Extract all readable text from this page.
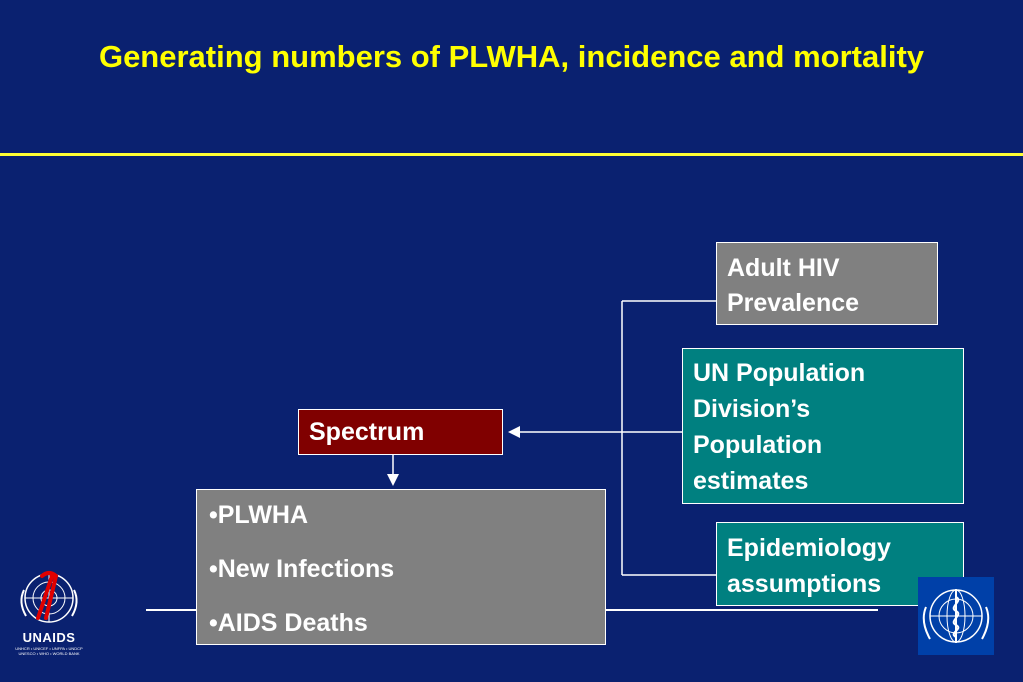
Generating numbers of PLWHA, incidence and mortality
Adult HIV
Prevalence
UN Population
Division’s
Population
estimates
Epidemiology
assumptions
Spectrum
•PLWHA
•New Infections
•AIDS Deaths
UNAIDS
UNHCR • UNICEF • UNFPA • UNDCP
UNESCO • WHO • WORLD BANK
